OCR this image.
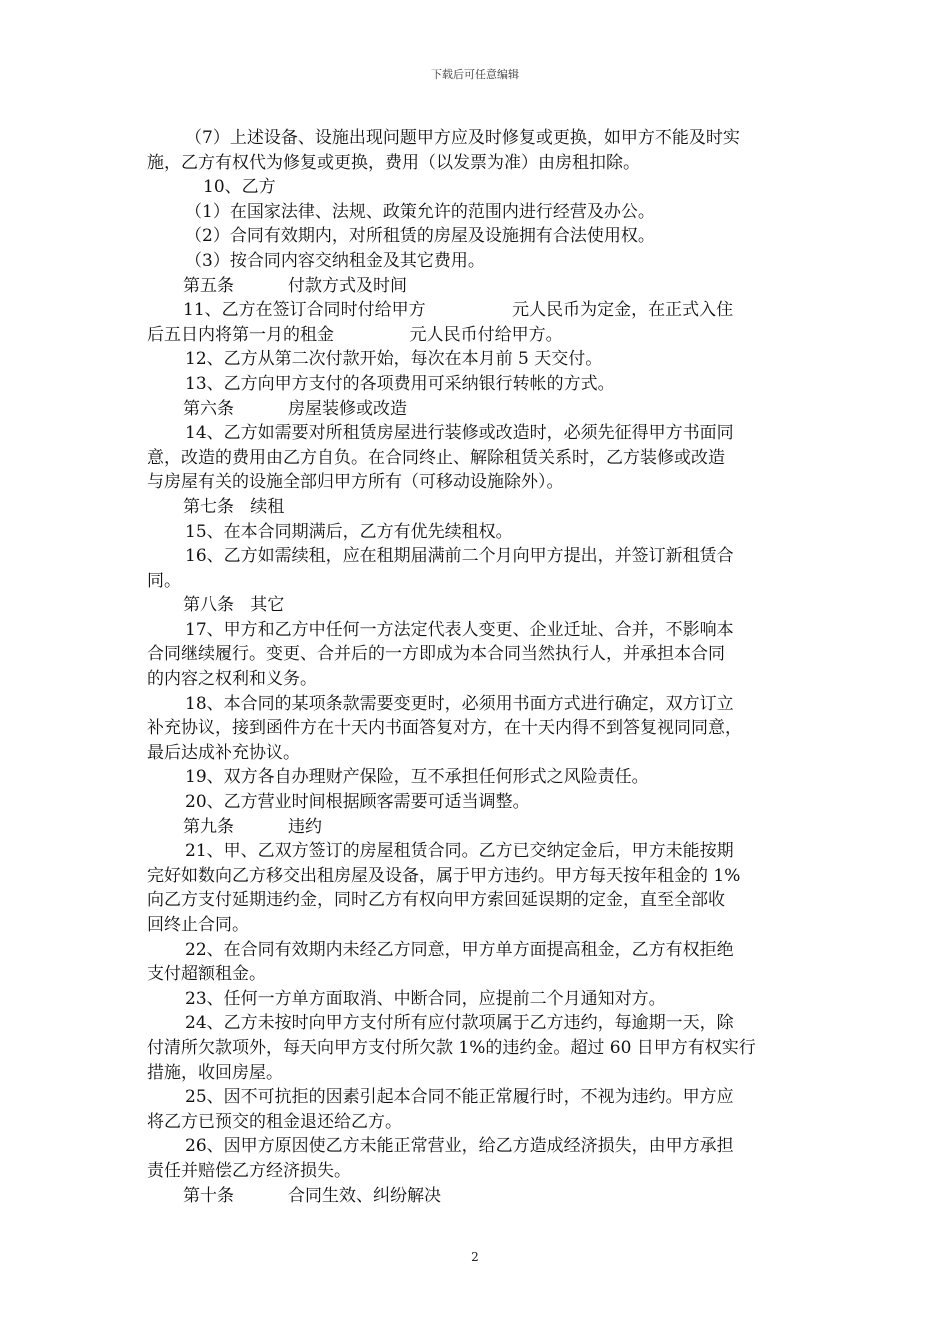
下载后可任意编辑

（7）上述设备、设施出现问题甲方应及时修复或更换，如甲方不能及时实

施，乙方有权代为修复或更换，费用（以发票为准）由房租扣除。

10、乙方

（1）在国家法律、法规、政策允许的范围内进行经营及办公。

（2）合同有效期内，对所租赁的房屋及设施拥有合法使用权。

（3）按合同内容交纳租金及其它费用。

第五条          付款方式及时间

11、乙方在签订合同时付给甲方                元人民币为定金，在正式入住

后五日内将第一月的租金              元人民币付给甲方。

12、乙方从第二次付款开始，每次在本月前 5 天交付。

13、乙方向甲方支付的各项费用可采纳银行转帐的方式。

第六条          房屋装修或改造

14、乙方如需要对所租赁房屋进行装修或改造时，必须先征得甲方书面同

意，改造的费用由乙方自负。在合同终止、解除租赁关系时，乙方装修或改造

与房屋有关的设施全部归甲方所有（可移动设施除外）。

第七条   续租

15、在本合同期满后，乙方有优先续租权。

16、乙方如需续租，应在租期届满前二个月向甲方提出，并签订新租赁合

同。

第八条   其它

17、甲方和乙方中任何一方法定代表人变更、企业迁址、合并，不影响本

合同继续履行。变更、合并后的一方即成为本合同当然执行人，并承担本合同

的内容之权利和义务。

18、本合同的某项条款需要变更时，必须用书面方式进行确定，双方订立

补充协议，接到函件方在十天内书面答复对方，在十天内得不到答复视同同意，

最后达成补充协议。

19、双方各自办理财产保险，互不承担任何形式之风险责任。

20、乙方营业时间根据顾客需要可适当调整。

第九条          违约

21、甲、乙双方签订的房屋租赁合同。乙方已交纳定金后，甲方未能按期

完好如数向乙方移交出租房屋及设备，属于甲方违约。甲方每天按年租金的 1%

向乙方支付延期违约金，同时乙方有权向甲方索回延误期的定金，直至全部收

回终止合同。

22、在合同有效期内未经乙方同意，甲方单方面提高租金，乙方有权拒绝

支付超额租金。

23、任何一方单方面取消、中断合同，应提前二个月通知对方。

24、乙方未按时向甲方支付所有应付款项属于乙方违约，每逾期一天，除

付清所欠款项外，每天向甲方支付所欠款 1%的违约金。超过 60 日甲方有权实行

措施，收回房屋。

25、因不可抗拒的因素引起本合同不能正常履行时，不视为违约。甲方应

将乙方已预交的租金退还给乙方。

26、因甲方原因使乙方未能正常营业，给乙方造成经济损失，由甲方承担

责任并赔偿乙方经济损失。

第十条          合同生效、纠纷解决

2
